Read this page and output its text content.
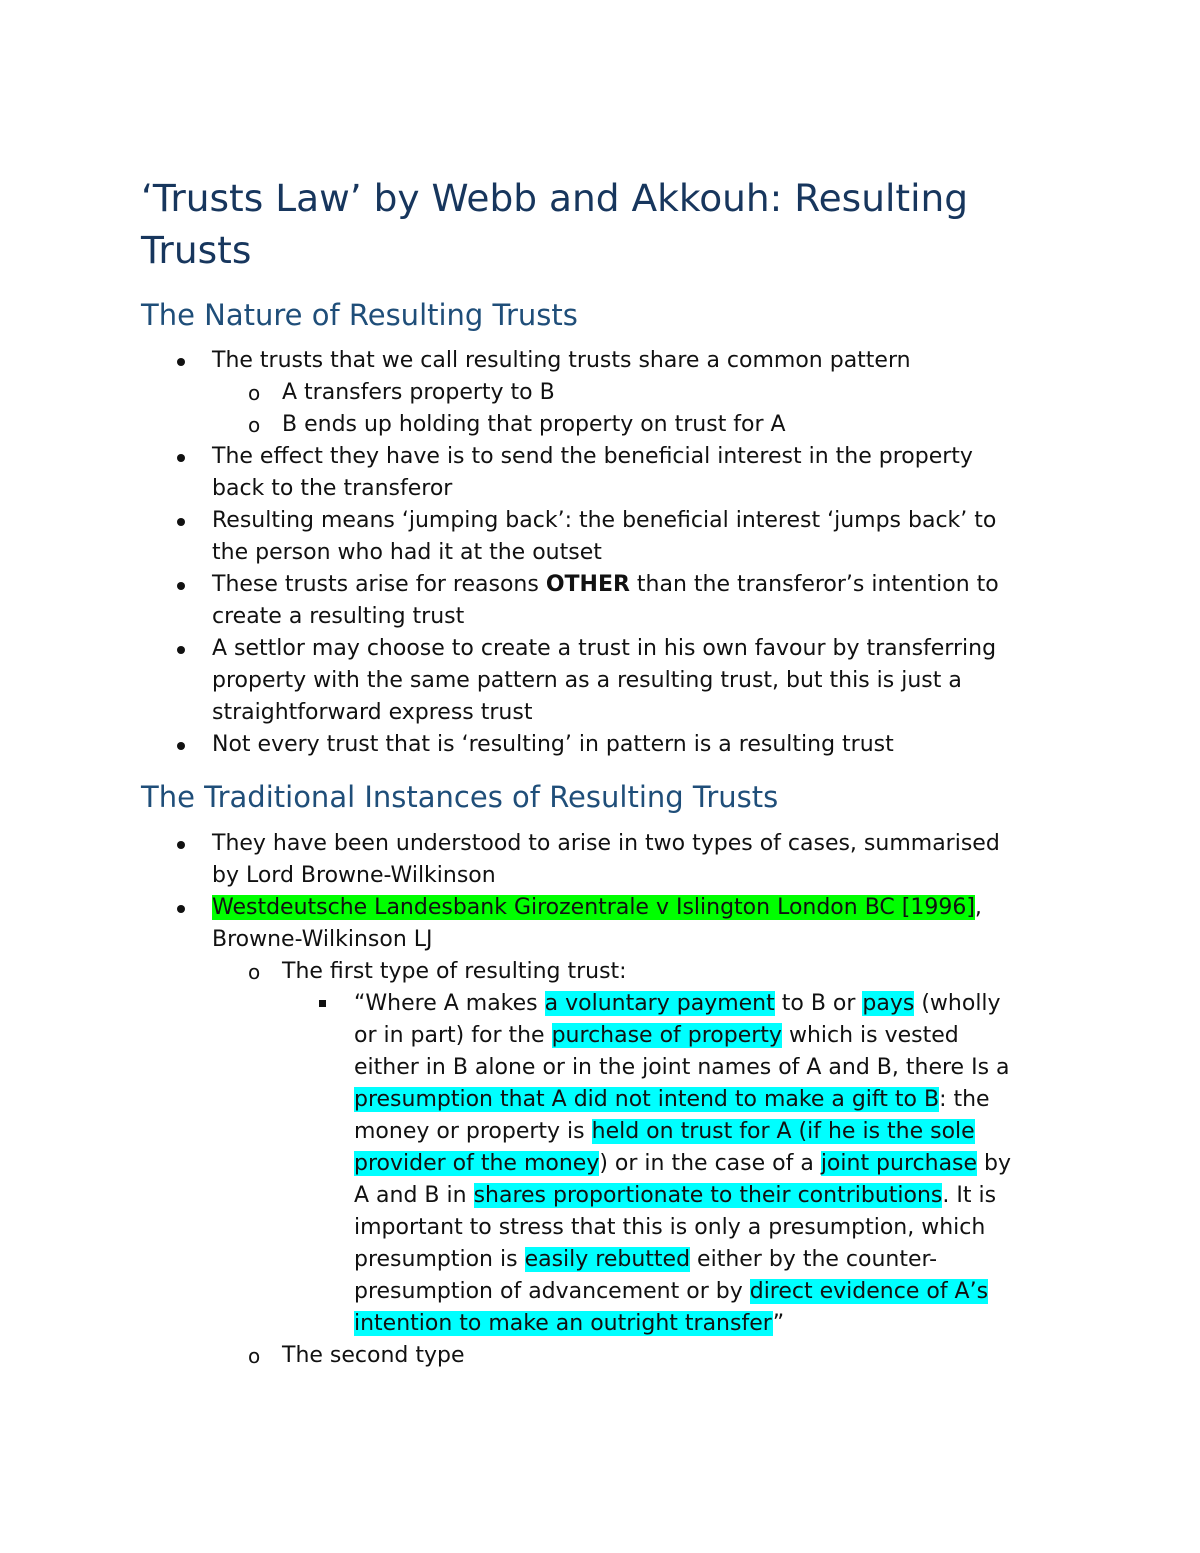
‘Trusts Law’ by Webb and Akkouh: Resulting Trusts
The Nature of Resulting Trusts
The trusts that we call resulting trusts share a common pattern
o A transfers property to B
o B ends up holding that property on trust for A
The effect they have is to send the beneficial interest in the property
back to the transferor
Resulting means ‘jumping back’: the beneficial interest ‘jumps back’ to
the person who had it at the outset
These trusts arise for reasons OTHER than the transferor’s intention to
create a resulting trust
A settlor may choose to create a trust in his own favour by transferring
property with the same pattern as a resulting trust, but this is just a
straightforward express trust
Not every trust that is ‘resulting’ in pattern is a resulting trust
The Traditional Instances of Resulting Trusts
They have been understood to arise in two types of cases, summarised
by Lord Browne-Wilkinson
Westdeutsche Landesbank Girozentrale v Islington London BC [1996],
Browne-Wilkinson LJ
o The first type of resulting trust:
“Where A makes a voluntary payment to B or pays (wholly
or in part) for the purchase of property which is vested
either in B alone or in the joint names of A and B, there Is a
presumption that A did not intend to make a gift to B: the
money or property is held on trust for A (if he is the sole
provider of the money) or in the case of a joint purchase by
A and B in shares proportionate to their contributions. It is
important to stress that this is only a presumption, which
presumption is easily rebutted either by the counter-
presumption of advancement or by direct evidence of A’s
intention to make an outright transfer”
o The second type
